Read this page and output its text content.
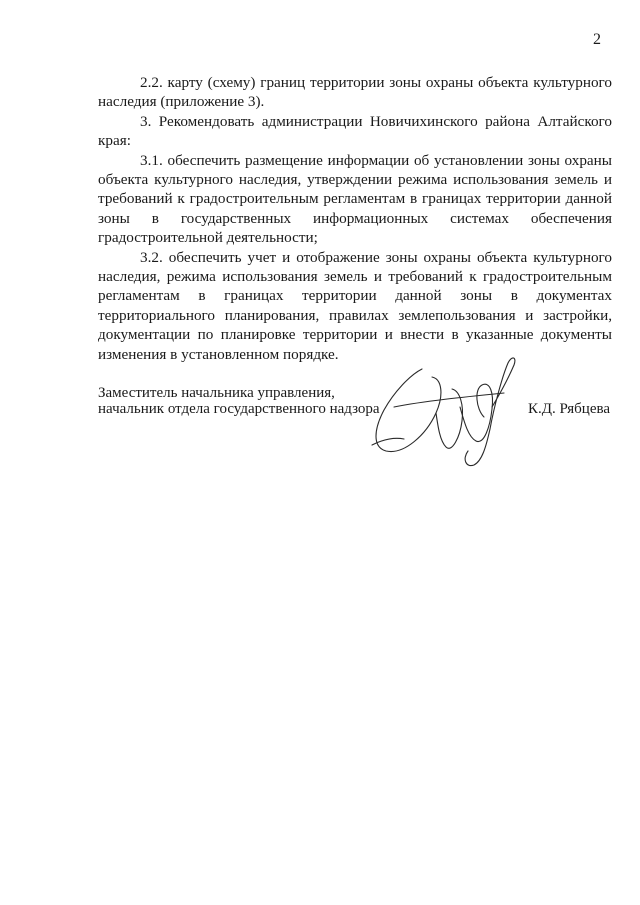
2

2.2. карту (схему) границ территории зоны охраны объекта культурного наследия (приложение 3).

3. Рекомендовать администрации Новичихинского района Алтайского края:

3.1. обеспечить размещение информации об установлении зоны охраны объекта культурного наследия, утверждении режима использования земель и требований к градостроительным регламентам в границах территории данной зоны в государственных информационных системах обеспечения градостроительной деятельности;

3.2. обеспечить учет и отображение зоны охраны объекта культурного наследия, режима использования земель и требований к градостроительным регламентам в границах территории данной зоны в документах территориального планирования, правилах землепользования и застройки, документации по планировке территории и внести в указанные документы изменения в установленном порядке.

Заместитель начальника управления,
начальник отдела государственного надзора	К.Д. Рябцева
